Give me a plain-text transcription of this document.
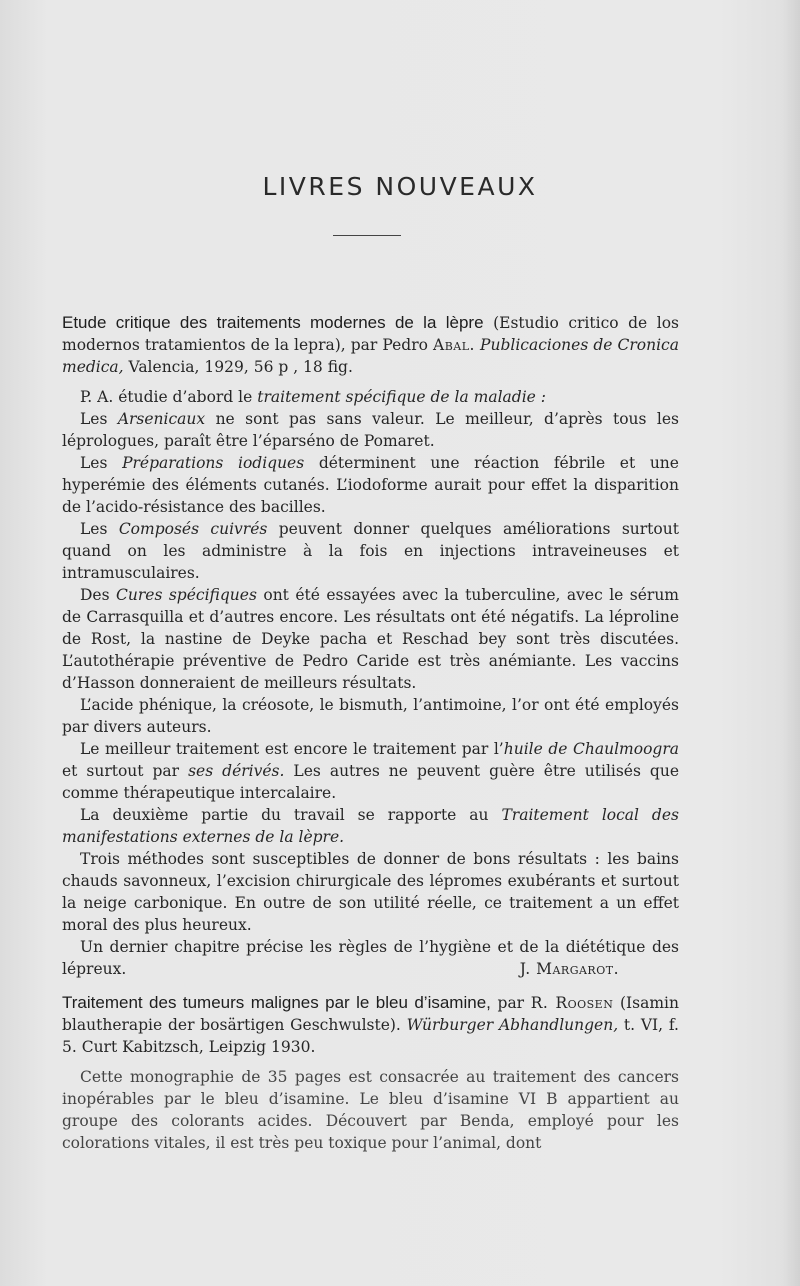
LIVRES NOUVEAUX

Etude critique des traitements modernes de la lèpre (Estudio critico de los modernos tratamientos de la lepra), par Pedro Abal. Publicaciones de Cronica medica, Valencia, 1929, 56 p , 18 fig.

P. A. étudie d’abord le traitement spécifique de la maladie :

Les Arsenicaux ne sont pas sans valeur. Le meilleur, d’après tous les léprologues, paraît être l’éparséno de Pomaret.

Les Préparations iodiques déterminent une réaction fébrile et une hyperémie des éléments cutanés. L’iodoforme aurait pour effet la disparition de l’acido-résistance des bacilles.

Les Composés cuivrés peuvent donner quelques améliorations surtout quand on les administre à la fois en injections intraveineuses et intramusculaires.

Des Cures spécifiques ont été essayées avec la tuberculine, avec le sérum de Carrasquilla et d’autres encore. Les résultats ont été négatifs. La léproline de Rost, la nastine de Deyke pacha et Reschad bey sont très discutées. L’autothérapie préventive de Pedro Caride est très anémiante. Les vaccins d’Hasson donneraient de meilleurs résultats.

L’acide phénique, la créosote, le bismuth, l’antimoine, l’or ont été employés par divers auteurs.

Le meilleur traitement est encore le traitement par l’huile de Chaulmoogra et surtout par ses dérivés. Les autres ne peuvent guère être utilisés que comme thérapeutique intercalaire.

La deuxième partie du travail se rapporte au Traitement local des manifestations externes de la lèpre.

Trois méthodes sont susceptibles de donner de bons résultats : les bains chauds savonneux, l’excision chirurgicale des lépromes exubérants et surtout la neige carbonique. En outre de son utilité réelle, ce traitement a un effet moral des plus heureux.

Un dernier chapitre précise les règles de l’hygiène et de la diététique des lépreux.	J. Margarot.

Traitement des tumeurs malignes par le bleu d’isamine, par R. Roosen (Isamin blautherapie der bosärtigen Geschwulste). Würburger Abhandlungen, t. VI, f. 5. Curt Kabitzsch, Leipzig 1930.

Cette monographie de 35 pages est consacrée au traitement des cancers inopérables par le bleu d’isamine. Le bleu d’isamine VI B appartient au groupe des colorants acides. Découvert par Benda, employé pour les colorations vitales, il est très peu toxique pour l’animal, dont
